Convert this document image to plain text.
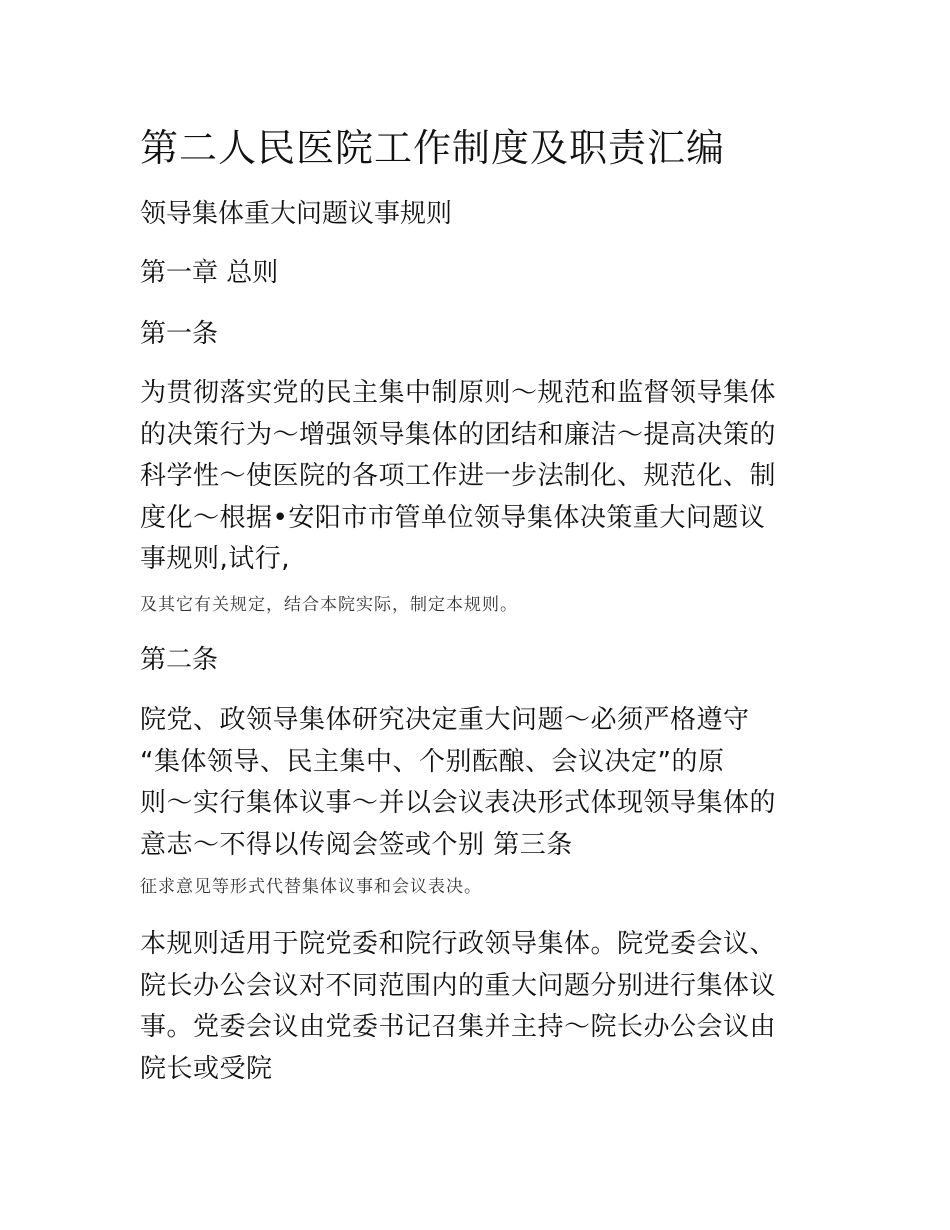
第二人民医院工作制度及职责汇编

领导集体重大问题议事规则

第一章 总则

第一条

为贯彻落实党的民主集中制原则～规范和监督领导集体
的决策行为～增强领导集体的团结和廉洁～提高决策的
科学性～使医院的各项工作进一步法制化、规范化、制
度化～根据•安阳市市管单位领导集体决策重大问题议
事规则,试行,

及其它有关规定，结合本院实际，制定本规则。

第二条

院党、政领导集体研究决定重大问题～必须严格遵守
“集体领导、民主集中、个别酝酿、会议决定”的原
则～实行集体议事～并以会议表决形式体现领导集体的
意志～不得以传阅会签或个别 第三条

征求意见等形式代替集体议事和会议表决。

本规则适用于院党委和院行政领导集体。院党委会议、
院长办公会议对不同范围内的重大问题分别进行集体议
事。党委会议由党委书记召集并主持～院长办公会议由
院长或受院
